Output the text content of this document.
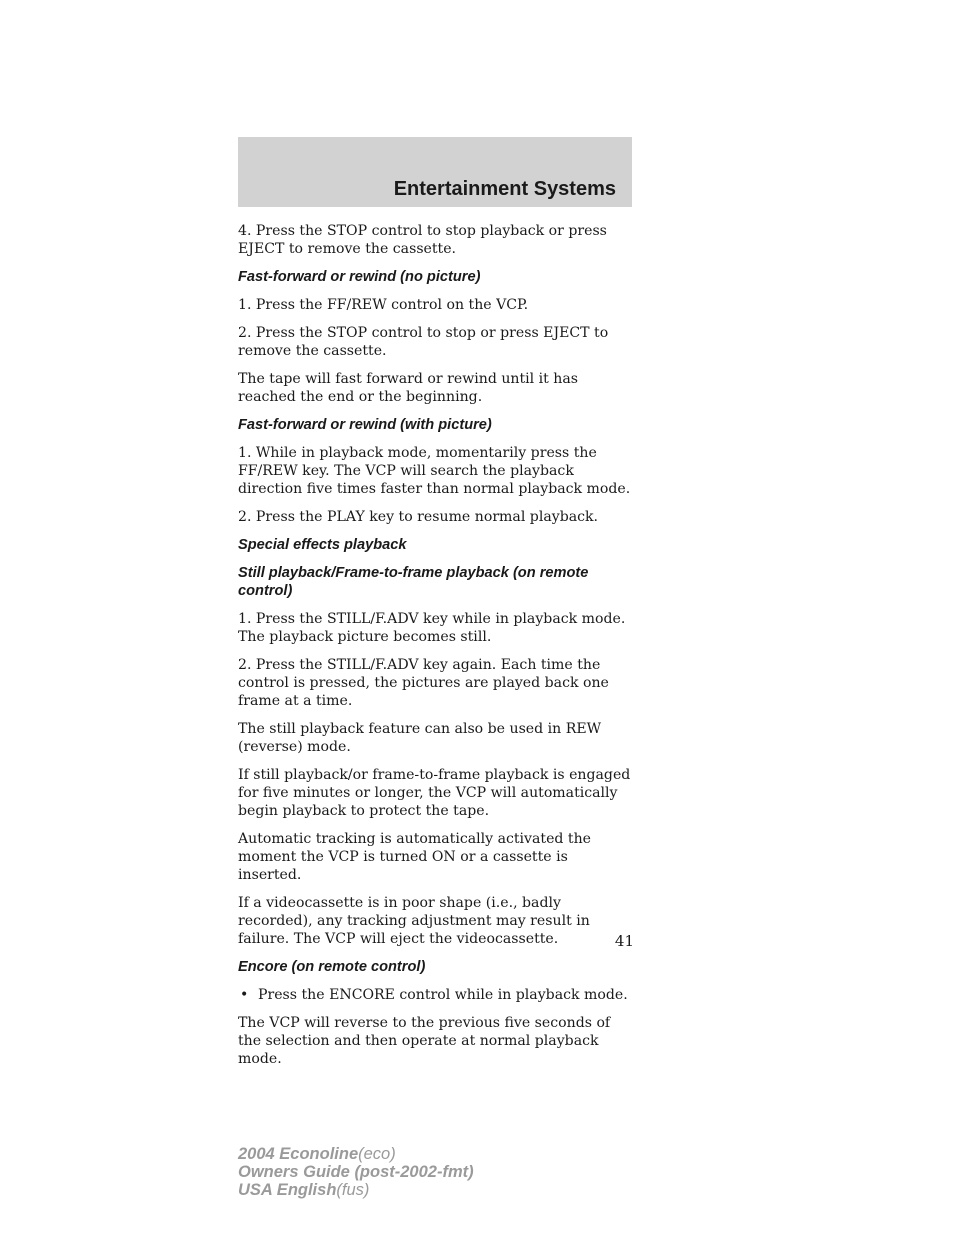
Entertainment Systems

4. Press the STOP control to stop playback or press EJECT to remove the cassette.

Fast-forward or rewind (no picture)

1. Press the FF/REW control on the VCP.

2. Press the STOP control to stop or press EJECT to remove the cassette.

The tape will fast forward or rewind until it has reached the end or the beginning.

Fast-forward or rewind (with picture)

1. While in playback mode, momentarily press the FF/REW key. The VCP will search the playback direction five times faster than normal playback mode.

2. Press the PLAY key to resume normal playback.

Special effects playback

Still playback/Frame-to-frame playback (on remote control)

1. Press the STILL/F.ADV key while in playback mode. The playback picture becomes still.

2. Press the STILL/F.ADV key again. Each time the control is pressed, the pictures are played back one frame at a time.

The still playback feature can also be used in REW (reverse) mode.

If still playback/or frame-to-frame playback is engaged for five minutes or longer, the VCP will automatically begin playback to protect the tape.

Automatic tracking is automatically activated the moment the VCP is turned ON or a cassette is inserted.

If a videocassette is in poor shape (i.e., badly recorded), any tracking adjustment may result in failure. The VCP will eject the videocassette.

Encore (on remote control)

• Press the ENCORE control while in playback mode.

The VCP will reverse to the previous five seconds of the selection and then operate at normal playback mode.

41
2004 Econoline(eco)
Owners Guide (post-2002-fmt)
USA English(fus)
